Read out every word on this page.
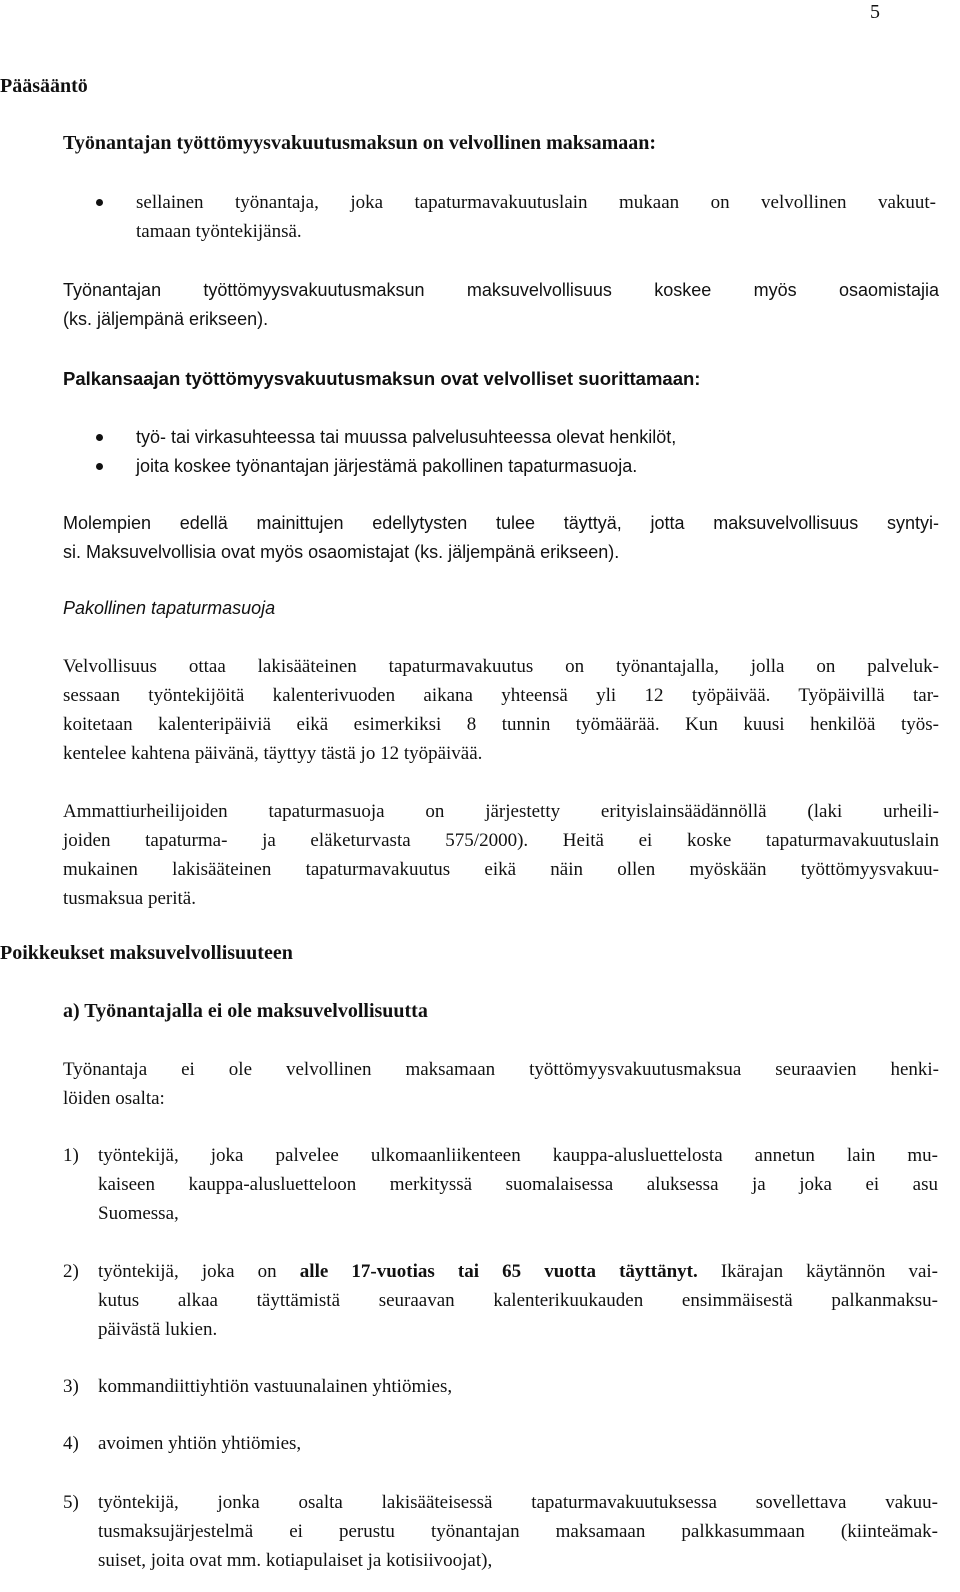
5
Pääsääntö
Työnantajan työttömyysvakuutusmaksun on velvollinen maksamaan:
sellainen työnantaja, joka tapaturmavakuutuslain mukaan on velvollinen vakuut-
tamaan työntekijänsä.
Työnantajan työttömyysvakuutusmaksun maksuvelvollisuus koskee myös osaomistajia
(ks. jäljempänä erikseen).
Palkansaajan työttömyysvakuutusmaksun ovat velvolliset suorittamaan:
työ- tai virkasuhteessa tai muussa palvelusuhteessa olevat henkilöt,
joita koskee työnantajan järjestämä pakollinen tapaturmasuoja.
Molempien edellä mainittujen edellytysten tulee täyttyä, jotta maksuvelvollisuus syntyi-
si. Maksuvelvollisia ovat myös osaomistajat (ks. jäljempänä erikseen).
Pakollinen tapaturmasuoja
Velvollisuus ottaa lakisääteinen tapaturmavakuutus on työnantajalla, jolla on palveluk-
sessaan työntekijöitä kalenterivuoden aikana yhteensä yli 12 työpäivää. Työpäivillä tar-
koitetaan kalenteripäiviä eikä esimerkiksi 8 tunnin työmäärää. Kun kuusi henkilöä työs-
kentelee kahtena päivänä, täyttyy tästä jo 12 työpäivää.
Ammattiurheilijoiden tapaturmasuoja on järjestetty erityislainsäädännöllä (laki urheili-
joiden tapaturma- ja eläketurvasta 575/2000). Heitä ei koske tapaturmavakuutuslain
mukainen lakisääteinen tapaturmavakuutus eikä näin ollen myöskään työttömyysvakuu-
tusmaksua peritä.
Poikkeukset maksuvelvollisuuteen
a) Työnantajalla ei ole maksuvelvollisuutta
Työnantaja ei ole velvollinen maksamaan työttömyysvakuutusmaksua seuraavien henki-
löiden osalta:
1)	työntekijä, joka palvelee ulkomaanliikenteen kauppa-alusluettelosta annetun lain mu-
kaiseen kauppa-alusluetteloon merkityssä suomalaisessa aluksessa ja joka ei asu
Suomessa,
2)	työntekijä, joka on alle 17-vuotias tai 65 vuotta täyttänyt. Ikärajan käytännön vai-
kutus alkaa täyttämistä seuraavan kalenterikuukauden ensimmäisestä palkanmaksu-
päivästä lukien.
3)	kommandiittiyhtiön vastuunalainen yhtiömies,
4)	avoimen yhtiön yhtiömies,
5)	työntekijä, jonka osalta lakisääteisessä tapaturmavakuutuksessa sovellettava vakuu-
tusmaksujärjestelmä ei perustu työnantajan maksamaan palkkasummaan (kiinteämak-
suiset, joita ovat mm. kotiapulaiset ja kotisiivoojat),
